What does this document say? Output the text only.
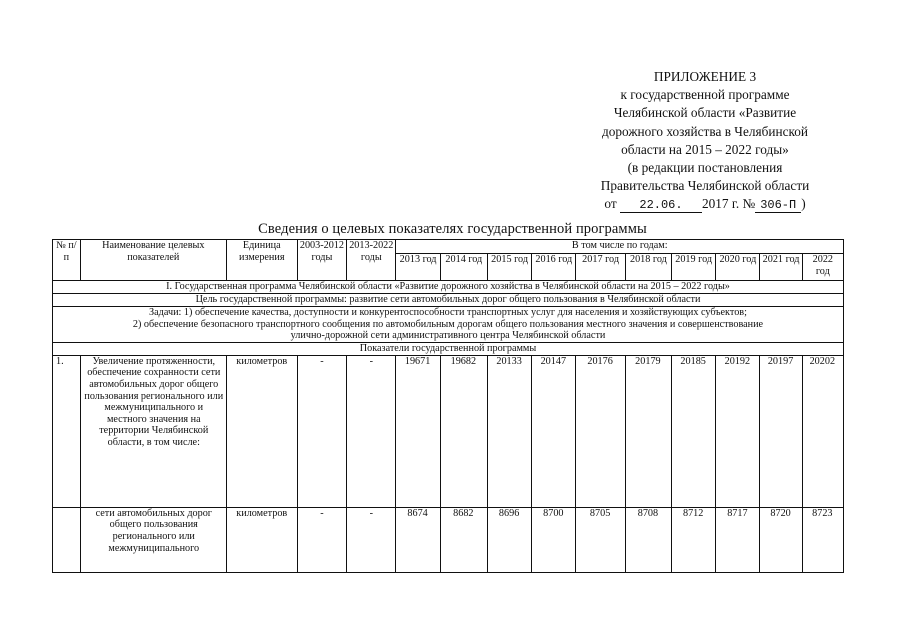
ПРИЛОЖЕНИЕ 3
к государственной программе
Челябинской области «Развитие
дорожного хозяйства в Челябинской
области на 2015 – 2022 годы»
(в редакции постановления
Правительства Челябинской области
от 22.06. 2017 г. № 306-П )
Сведения о целевых показателях государственной программы
№ п/п	Наименование целевых показателей	Единица измерения	2003-2012 годы	2013-2022 годы	В том числе по годам:									
					2013 год	2014 год	2015 год	2016 год	2017 год	2018 год	2019 год	2020 год	2021 год	2022 год
I. Государственная программа Челябинской области «Развитие дорожного хозяйства в Челябинской области на 2015 – 2022 годы»														
Цель государственной программы: развитие сети автомобильных дорог общего пользования в Челябинской области														

Задачи: 1) обеспечение качества, доступности и конкурентоспособности транспортных услуг для населения и хозяйствующих субъектов;
2) обеспечение безопасного транспортного сообщения по автомобильным дорогам общего пользования местного значения и совершенствование
улично-дорожной сети административного центра Челябинской области														

Показатели государственной программы														
1.	Увеличение протяженности, обеспечение сохранности сети автомобильных дорог общего пользования регионального или межмуниципального и местного значения на территории Челябинской области, в том числе:	километров	-	-	19671	19682	20133	20147	20176	20179	20185	20192	20197	20202
	сети автомобильных дорог общего пользования регионального или межмуниципального	километров	-	-	8674	8682	8696	8700	8705	8708	8712	8717	8720	8723
